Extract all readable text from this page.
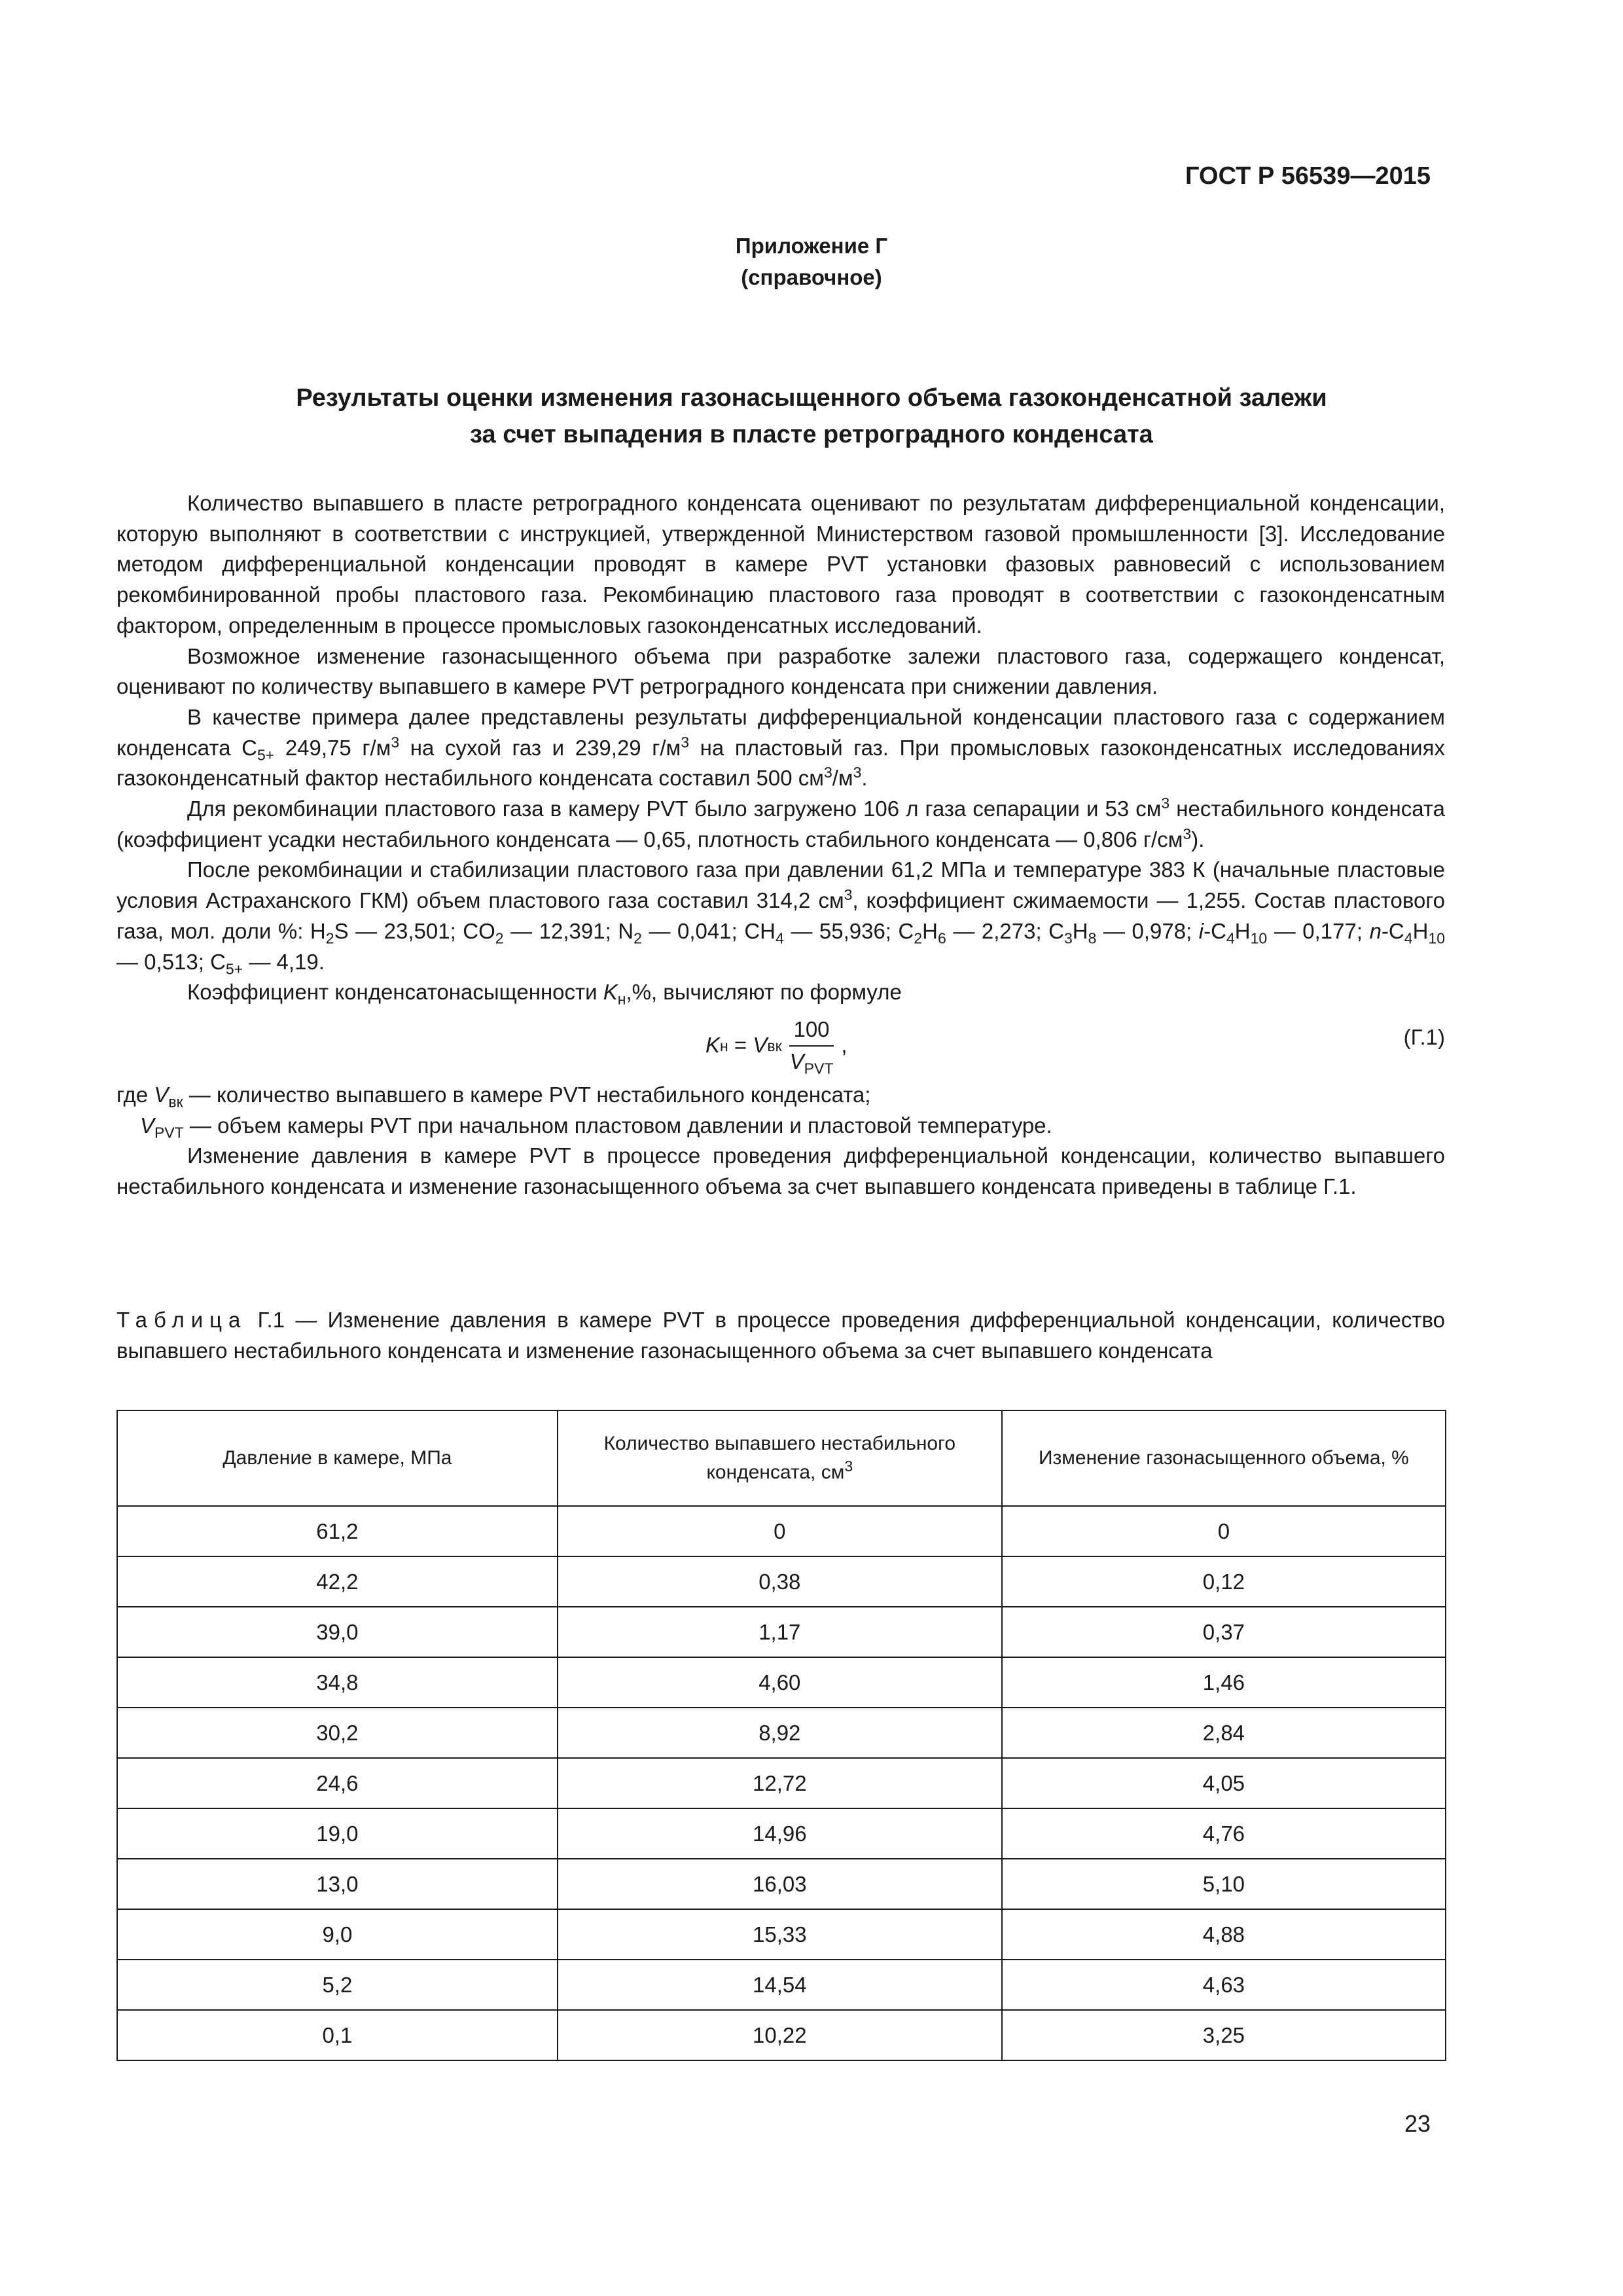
ГОСТ Р 56539—2015
Приложение Г
(справочное)
Результаты оценки изменения газонасыщенного объема газоконденсатной залежи
за счет выпадения в пласте ретроградного конденсата

Количество выпавшего в пласте ретроградного конденсата оценивают по результатам дифференциальной конденсации, которую выполняют в соответствии с инструкцией, утвержденной Министерством газовой промышленности [3]. Исследование методом дифференциальной конденсации проводят в камере PVT установки фазовых равновесий с использованием рекомбинированной пробы пластового газа. Рекомбинацию пластового газа проводят в соответствии с газоконденсатным фактором, определенным в процессе промысловых газоконденсатных исследований.

Возможное изменение газонасыщенного объема при разработке залежи пластового газа, содержащего конденсат, оценивают по количеству выпавшего в камере PVT ретроградного конденсата при снижении давления.

В качестве примера далее представлены результаты дифференциальной конденсации пластового газа с содержанием конденсата $C_{5+}$ 249,75 $г/м^3$ на сухой газ и 239,29 $г/м^3$ на пластовый газ. При промысловых газоконденсатных исследованиях газоконденсатный фактор нестабильного конденсата составил 500 $см^3/м^3$.

Для рекомбинации пластового газа в камеру PVT было загружено 106 л газа сепарации и 53 $см^3$ нестабильного конденсата (коэффициент усадки нестабильного конденсата — 0,65, плотность стабильного конденсата — 0,806 $г/см^3$).

После рекомбинации и стабилизации пластового газа при давлении 61,2 МПа и температуре 383 К (начальные пластовые условия Астраханского ГКМ) объем пластового газа составил 314,2 $см^3$, коэффициент сжимаемости — 1,255. Состав пластового газа, мол. доли %: $H_2S$ — 23,501; $CO_2$ — 12,391; $N_2$ — 0,041; $CH_4$ — 55,936; $C_2H_6$ — 2,273; $C_3H_8$ — 0,978; $i-C_4H_{10}$ — 0,177; $n-C_4H_{10}$ — 0,513; $C_{5+}$ — 4,19.

Коэффициент конденсатонасыщенности $K_н,\%$, вычисляют по формуле

K н = V вк $\frac{100}{V_{PVT}}$ ,	(Г.1)

где $V_{вк}$ — количество выпавшего в камере PVT нестабильного конденсата;

$V_{PVT}$ — объем камеры PVT при начальном пластовом давлении и пластовой температуре.

Изменение давления в камере PVT в процессе проведения дифференциальной конденсации, количество выпавшего нестабильного конденсата и изменение газонасыщенного объема за счет выпавшего конденсата приведены в таблице Г.1.

Таблица Г.1 — Изменение давления в камере PVT в процессе проведения дифференциальной конденсации, количество выпавшего нестабильного конденсата и изменение газонасыщенного объема за счет выпавшего конденсата
Давление в камере, МПа	Количество выпавшего нестабильного конденсата, $см^3$	Изменение газонасыщенного объема, %
61,2	0	0
42,2	0,38	0,12
39,0	1,17	0,37
34,8	4,60	1,46
30,2	8,92	2,84
24,6	12,72	4,05
19,0	14,96	4,76
13,0	16,03	5,10
9,0	15,33	4,88
5,2	14,54	4,63
0,1	10,22	3,25
23
